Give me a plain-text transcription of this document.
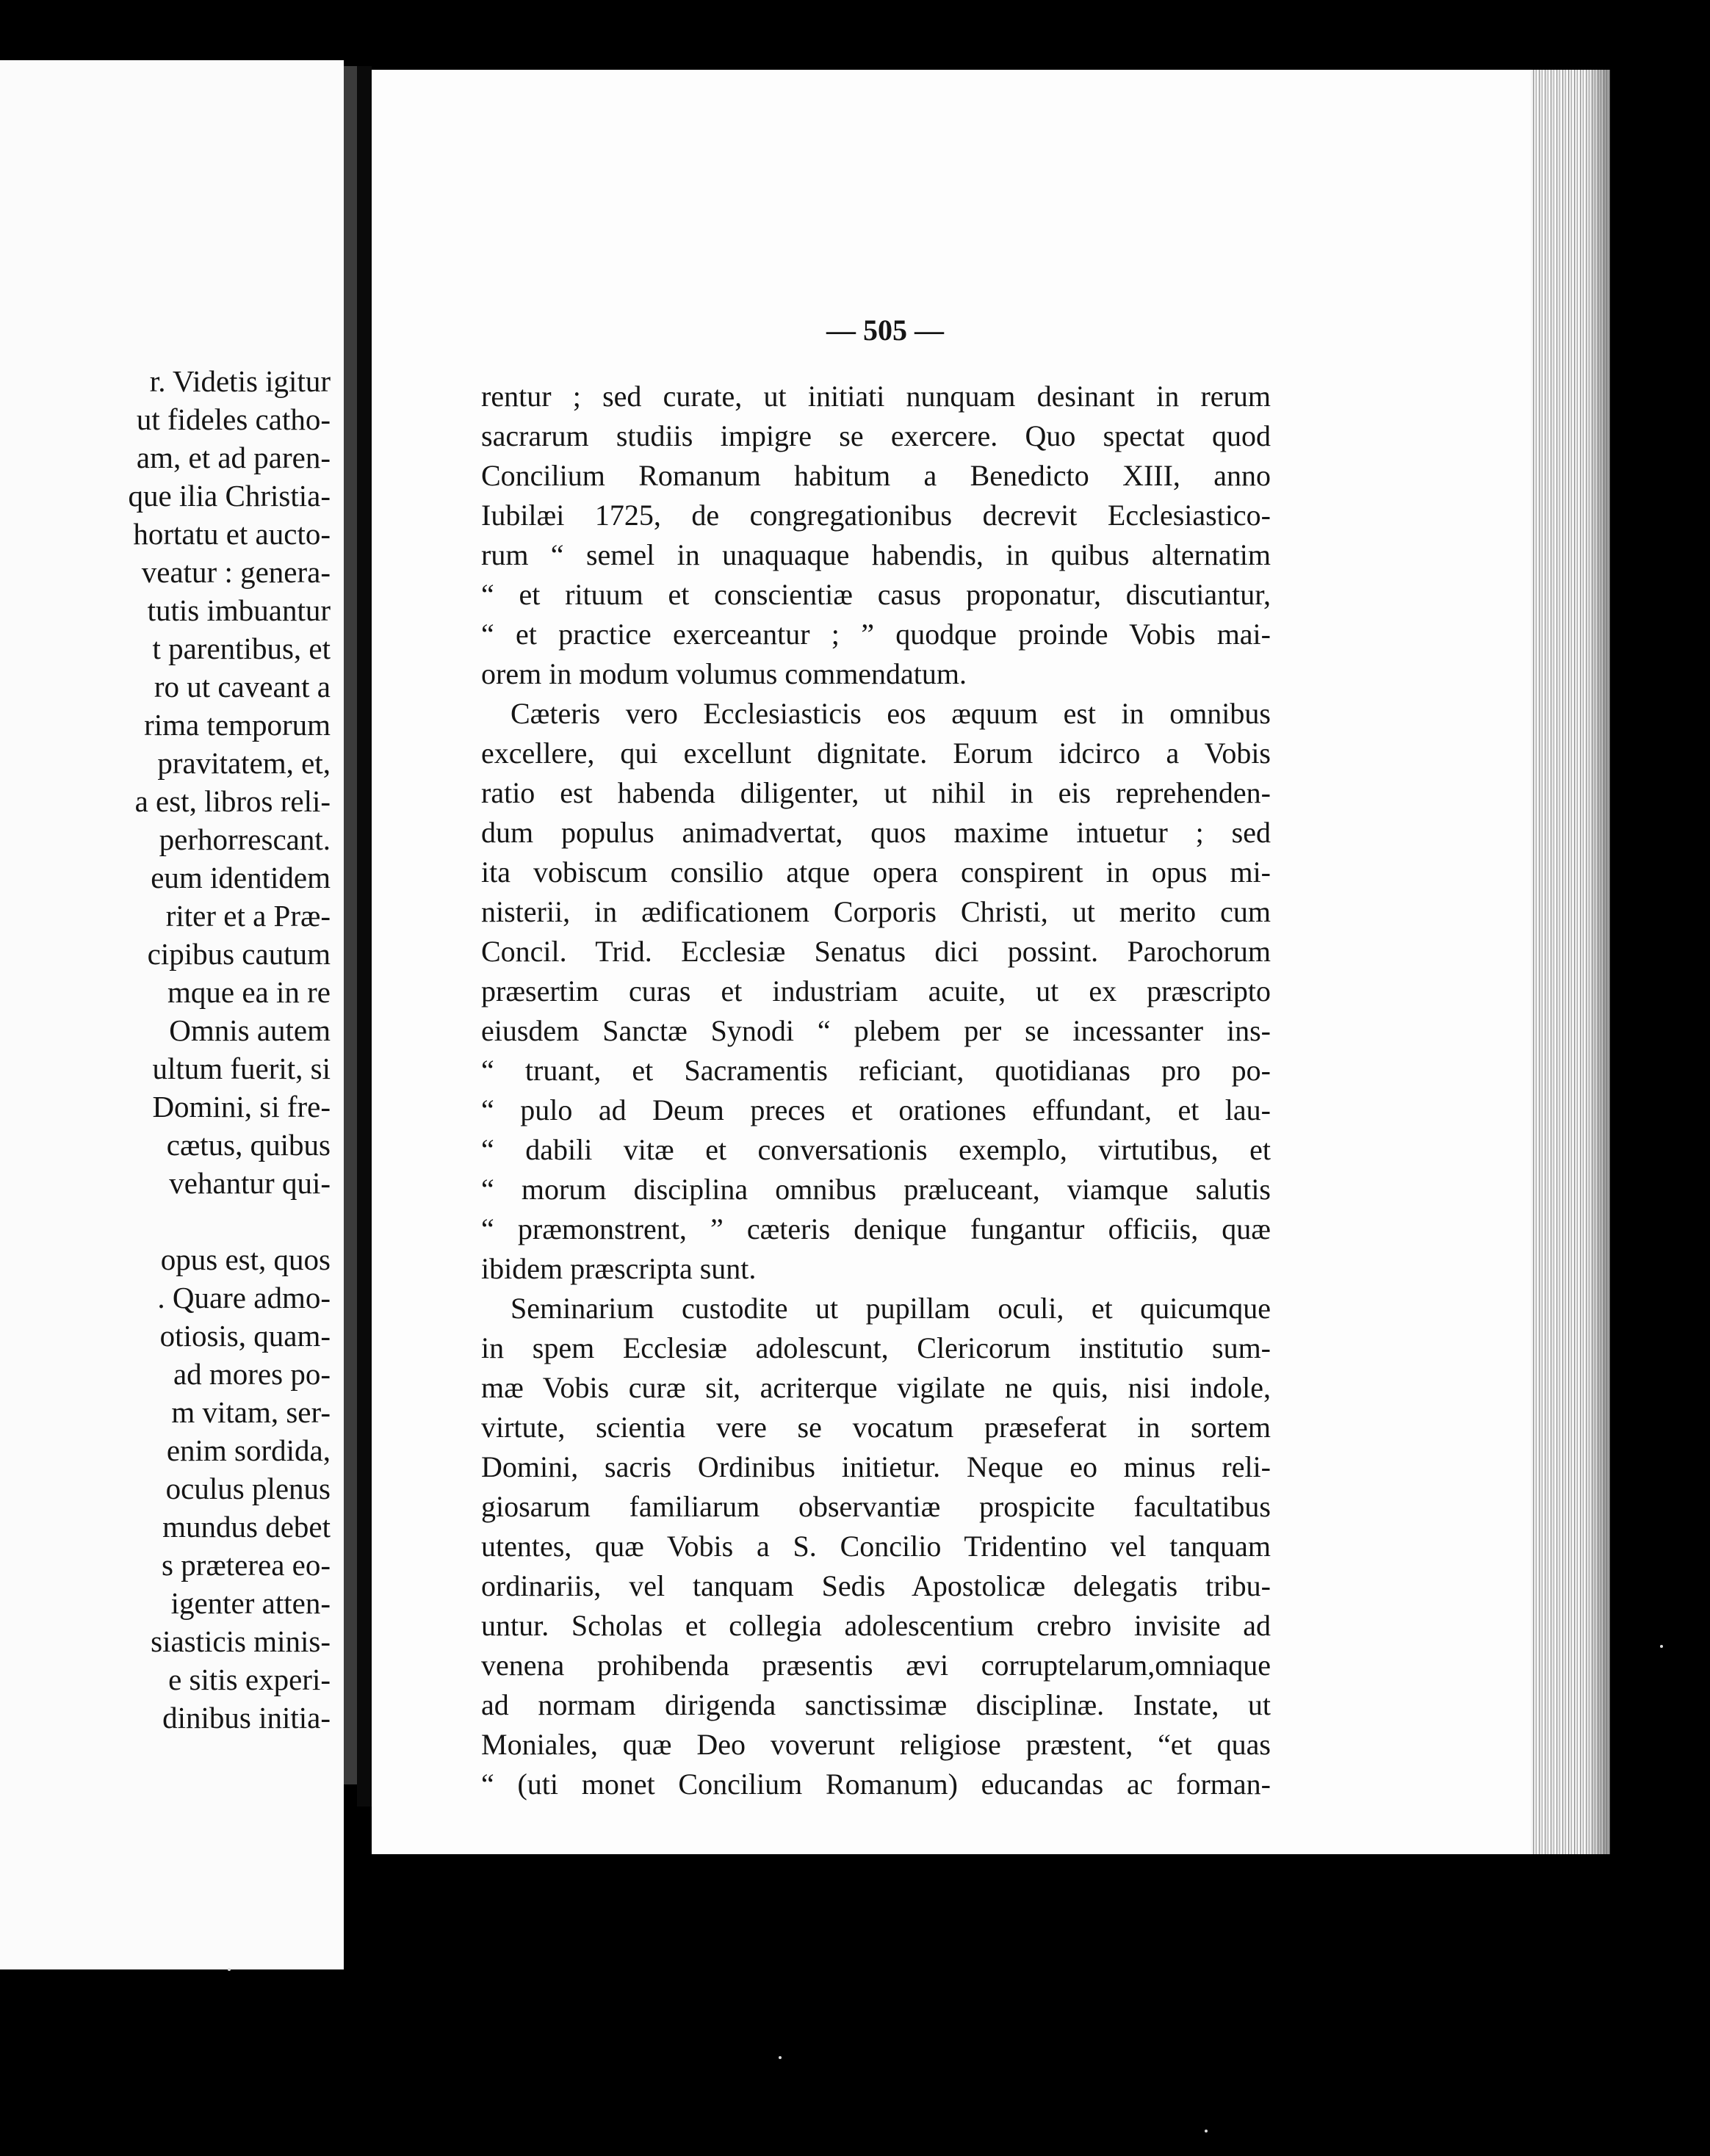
r. Videtis igitur
ut fideles catho-
am, et ad paren-
que ilia Christia-
hortatu et aucto-
veatur : genera-
tutis imbuantur
t parentibus, et
ro ut caveant a
rima temporum
pravitatem, et,
a est, libros reli-
perhorrescant.
eum identidem
riter et a Præ-
cipibus cautum
mque ea in re
Omnis autem
ultum fuerit, si
Domini, si fre-
cætus, quibus
vehantur qui-
opus est, quos
. Quare admo-
otiosis, quam-
ad mores po-
m vitam, ser-
enim sordida,
oculus plenus
mundus debet
s præterea eo-
igenter atten-
siasticis minis-
e sitis experi-
dinibus initia-
— 505 —
rentur ; sed curate, ut initiati nunquam desinant in rerum
sacrarum studiis impigre se exercere. Quo spectat quod
Concilium Romanum habitum a Benedicto XIII, anno
Iubilæi 1725, de congregationibus decrevit Ecclesiastico-
rum “ semel in unaquaque habendis, in quibus alternatim
“ et rituum et conscientiæ casus proponatur, discutiantur,
“ et practice exerceantur ; ” quodque proinde Vobis mai-
orem in modum volumus commendatum.
Cæteris vero Ecclesiasticis eos æquum est in omnibus
excellere, qui excellunt dignitate. Eorum idcirco a Vobis
ratio est habenda diligenter, ut nihil in eis reprehenden-
dum populus animadvertat, quos maxime intuetur ; sed
ita vobiscum consilio atque opera conspirent in opus mi-
nisterii, in ædificationem Corporis Christi, ut merito cum
Concil. Trid. Ecclesiæ Senatus dici possint. Parochorum
præsertim curas et industriam acuite, ut ex præscripto
eiusdem Sanctæ Synodi “ plebem per se incessanter ins-
“ truant, et Sacramentis reficiant, quotidianas pro po-
“ pulo ad Deum preces et orationes effundant, et lau-
“ dabili vitæ et conversationis exemplo, virtutibus, et
“ morum disciplina omnibus præluceant, viamque salutis
“ præmonstrent, ” cæteris denique fungantur officiis, quæ
ibidem præscripta sunt.
Seminarium custodite ut pupillam oculi, et quicumque
in spem Ecclesiæ adolescunt, Clericorum institutio sum-
mæ Vobis curæ sit, acriterque vigilate ne quis, nisi indole,
virtute, scientia vere se vocatum præseferat in sortem
Domini, sacris Ordinibus initietur. Neque eo minus reli-
giosarum familiarum observantiæ prospicite facultatibus
utentes, quæ Vobis a S. Concilio Tridentino vel tanquam
ordinariis, vel tanquam Sedis Apostolicæ delegatis tribu-
untur. Scholas et collegia adolescentium crebro invisite ad
venena prohibenda præsentis ævi corruptelarum,omniaque
ad normam dirigenda sanctissimæ disciplinæ. Instate, ut
Moniales, quæ Deo voverunt religiose præstent, “et quas
“ (uti monet Concilium Romanum) educandas ac forman-
